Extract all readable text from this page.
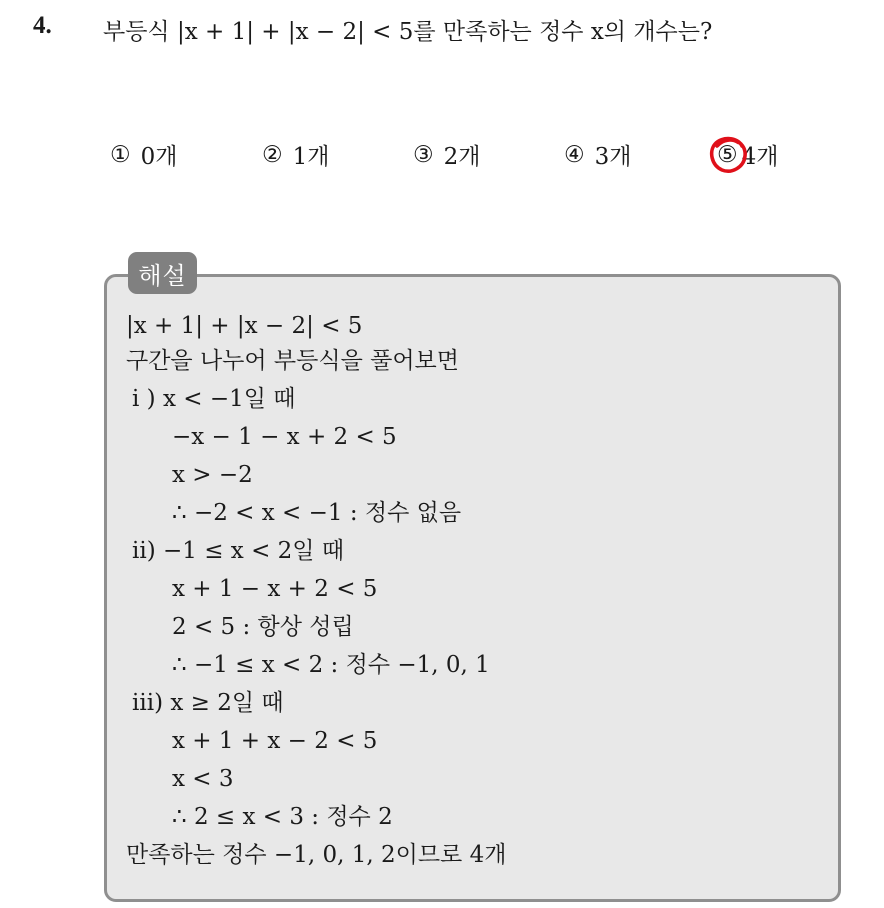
4. 부등식 |x + 1| + |x − 2| < 5를 만족하는 정수 x의 개수는?
① 0개	② 1개	③ 2개	④ 3개	⑤ 4개
해설
|x + 1| + |x − 2| < 5
구간을 나누어 부등식을 풀어보면
i ) x < −1일 때
−x − 1 − x + 2 < 5
x > −2
∴ −2 < x < −1 : 정수 없음
ii) −1 ≤ x < 2일 때
x + 1 − x + 2 < 5
2 < 5 : 항상 성립
∴ −1 ≤ x < 2 : 정수 −1, 0, 1
iii) x ≥ 2일 때
x + 1 + x − 2 < 5
x < 3
∴ 2 ≤ x < 3 : 정수 2
만족하는 정수 −1, 0, 1, 2이므로 4개
